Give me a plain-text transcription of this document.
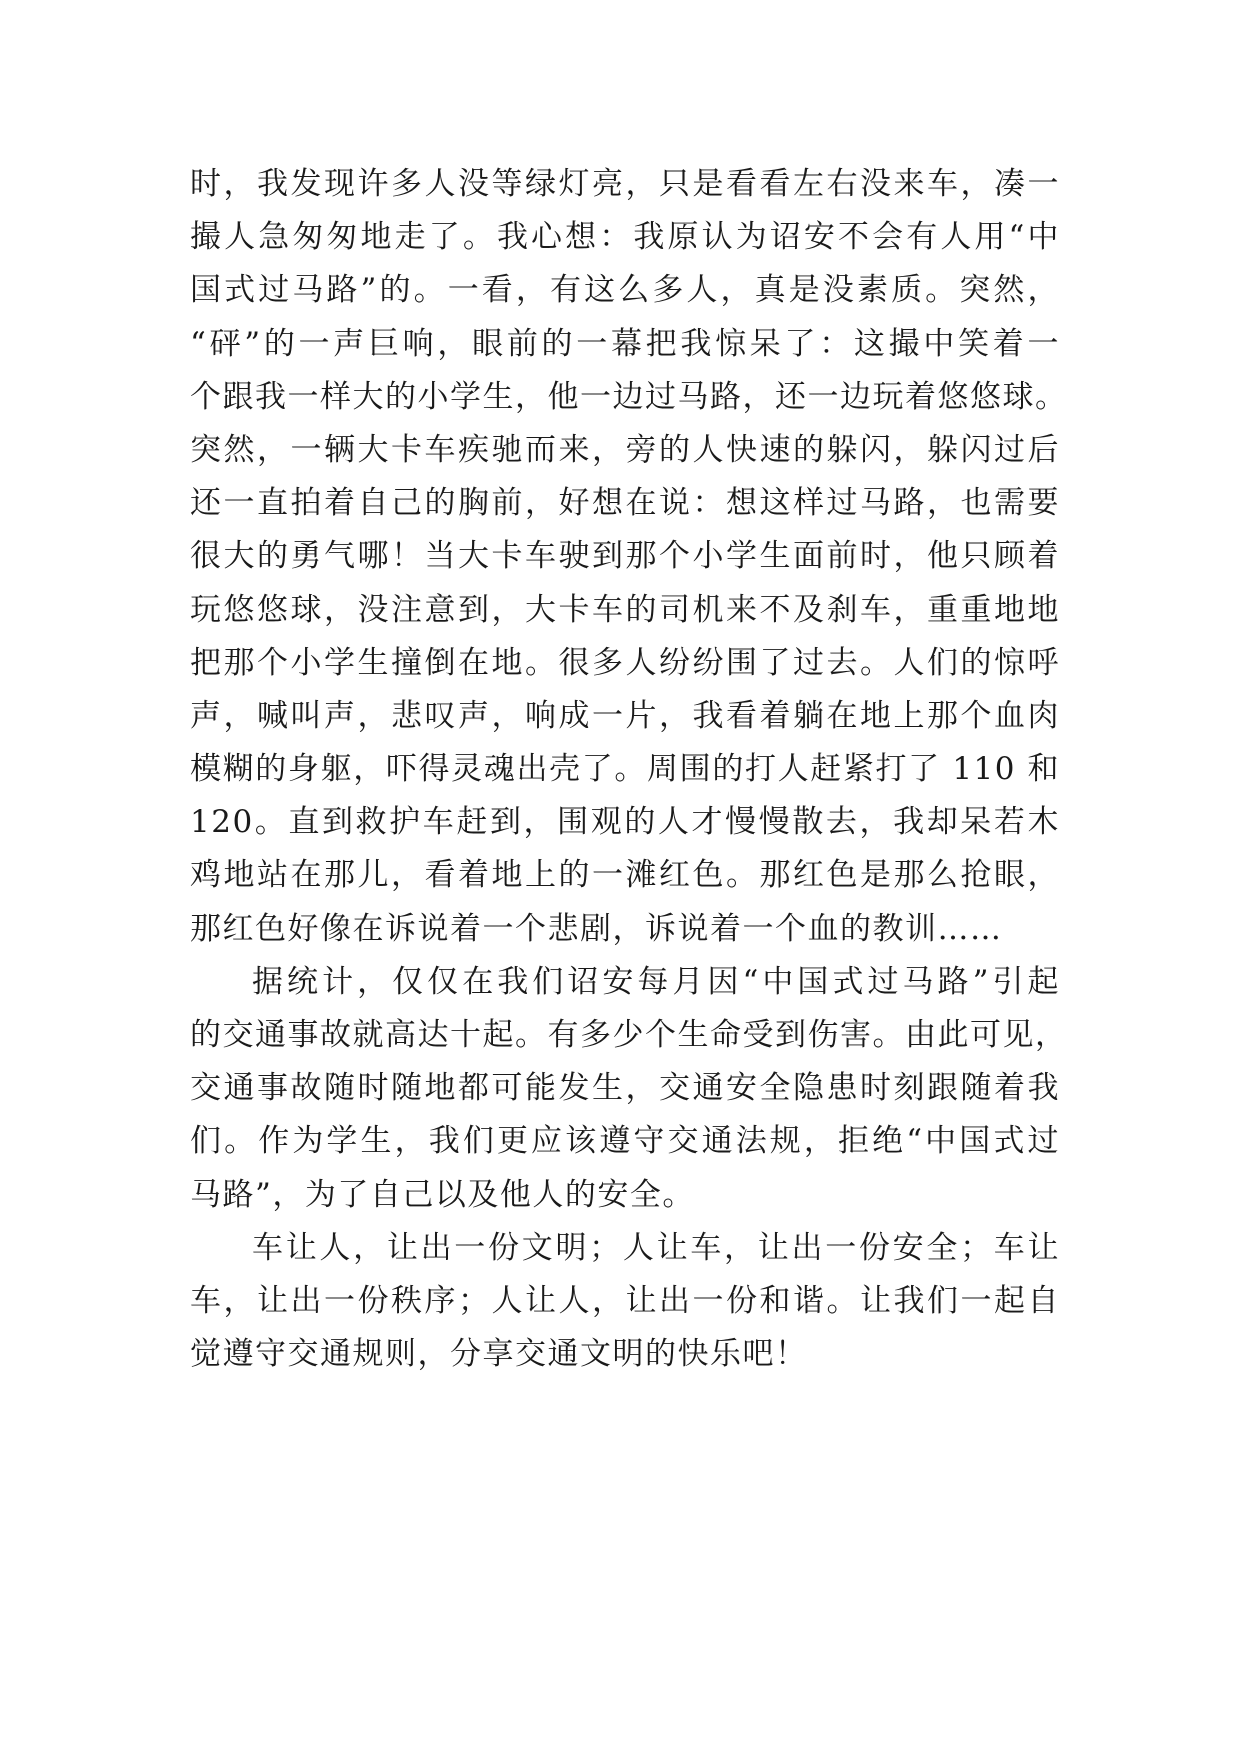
时，我发现许多人没等绿灯亮，只是看看左右没来车，凑一
撮人急匆匆地走了。我心想：我原认为诏安不会有人用“中
国式过马路”的。一看，有这么多人，真是没素质。突然，
“砰”的一声巨响，眼前的一幕把我惊呆了：这撮中笑着一
个跟我一样大的小学生，他一边过马路，还一边玩着悠悠球。
突然，一辆大卡车疾驰而来，旁的人快速的躲闪，躲闪过后
还一直拍着自己的胸前，好想在说：想这样过马路，也需要
很大的勇气哪！当大卡车驶到那个小学生面前时，他只顾着
玩悠悠球，没注意到，大卡车的司机来不及刹车，重重地地
把那个小学生撞倒在地。很多人纷纷围了过去。人们的惊呼
声，喊叫声，悲叹声，响成一片，我看着躺在地上那个血肉
模糊的身躯，吓得灵魂出壳了。周围的打人赶紧打了 110 和
120。直到救护车赶到，围观的人才慢慢散去，我却呆若木
鸡地站在那儿，看着地上的一滩红色。那红色是那么抢眼，
那红色好像在诉说着一个悲剧，诉说着一个血的教训……
据统计，仅仅在我们诏安每月因“中国式过马路”引起
的交通事故就高达十起。有多少个生命受到伤害。由此可见，
交通事故随时随地都可能发生，交通安全隐患时刻跟随着我
们。作为学生，我们更应该遵守交通法规，拒绝“中国式过
马路”，为了自己以及他人的安全。
车让人，让出一份文明；人让车，让出一份安全；车让
车，让出一份秩序；人让人，让出一份和谐。让我们一起自
觉遵守交通规则，分享交通文明的快乐吧！
